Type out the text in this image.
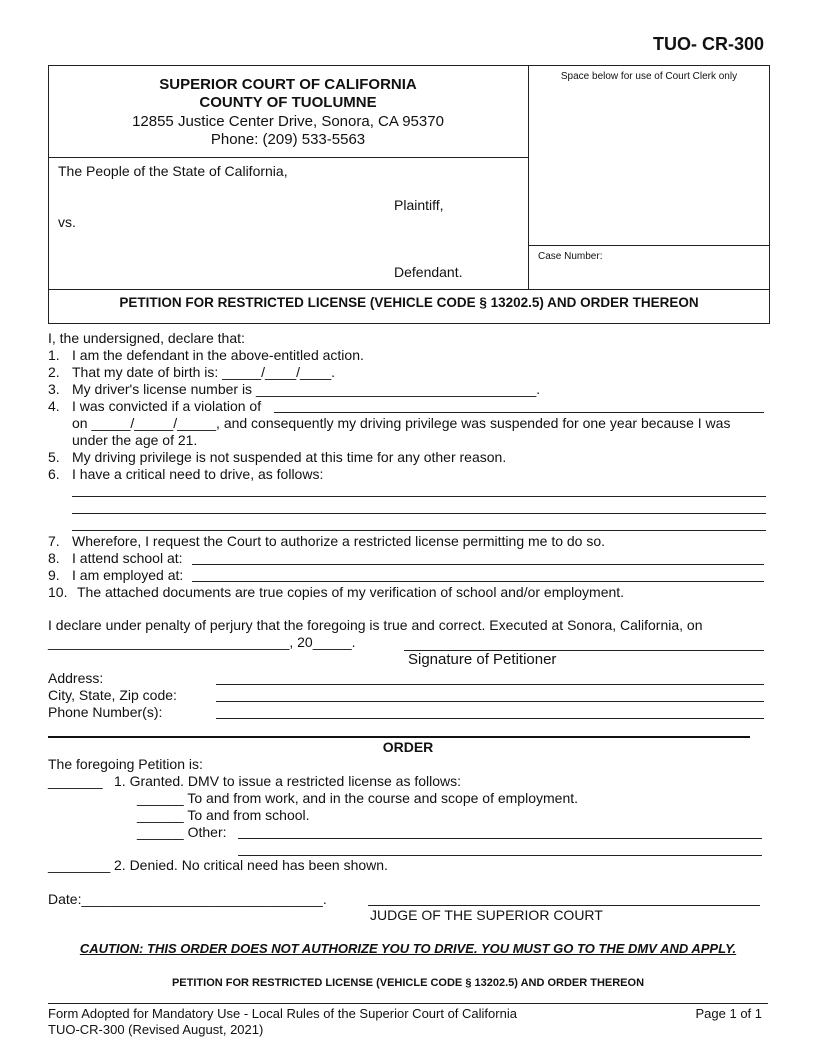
TUO- CR-300
SUPERIOR COURT OF CALIFORNIA
COUNTY OF TUOLUMNE
12855 Justice Center Drive, Sonora, CA 95370
Phone: (209) 533-5563
Space below for use of Court Clerk only
Case Number:
The People of the State of California,
Plaintiff,
vs.
Defendant.
PETITION FOR RESTRICTED LICENSE (VEHICLE CODE § 13202.5) AND ORDER THEREON
I, the undersigned, declare that:
1. I am the defendant in the above-entitled action.
2. That my date of birth is: _____/____/____.
3. My driver's license number is ____________________________________.
4. I was convicted if a violation of
on _____/_____/_____, and consequently my driving privilege was suspended for one year because I was
under the age of 21.
5. My driving privilege is not suspended at this time for any other reason.
6. I have a critical need to drive, as follows:
7. Wherefore, I request the Court to authorize a restricted license permitting me to do so.
8. I attend school at:
9. I am employed at:
10. The attached documents are true copies of my verification of school and/or employment.
I declare under penalty of perjury that the foregoing is true and correct. Executed at Sonora, California, on
_______________________________, 20_____.
Signature of Petitioner
Address:
City, State, Zip code:
Phone Number(s):
ORDER
The foregoing Petition is:
_______ 1. Granted. DMV to issue a restricted license as follows:
______ To and from work, and in the course and scope of employment.
______ To and from school.
______ Other:
________ 2. Denied. No critical need has been shown.
Date:_______________________________.
JUDGE OF THE SUPERIOR COURT
CAUTION: THIS ORDER DOES NOT AUTHORIZE YOU TO DRIVE. YOU MUST GO TO THE DMV AND APPLY.
PETITION FOR RESTRICTED LICENSE (VEHICLE CODE § 13202.5) AND ORDER THEREON
Form Adopted for Mandatory Use - Local Rules of the Superior Court of California
TUO-CR-300 (Revised August, 2021)
Page 1 of 1
